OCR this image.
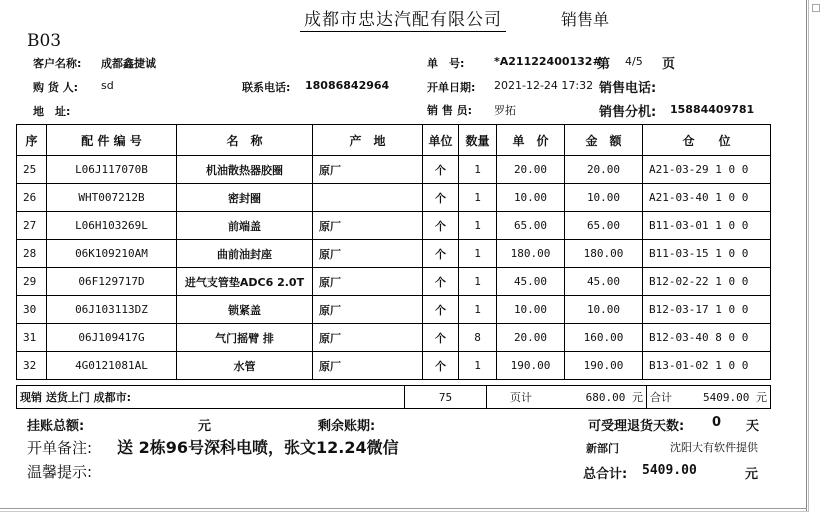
成都市忠达汽配有限公司	销售单
B03
客户名称: 成都鑫捷诚	单　号:	*A21122400132#
第 4/5 页
购 货 人: sd	联系电话: 18086842964	开单日期: 2021-12-24 17:32 销售电话:
地　址:	销 售 员: 罗拓	销售分机: 15884409781
序	配 件 编 号	名　称	产　地	单位	数量	单　价	金　额	仓　　位
25	L06J117070B	机油散热器胶圈	原厂	个	1	20.00	20.00	A21-03-29 1 0 0
26	WHT007212B	密封圈		个	1	10.00	10.00	A21-03-40 1 0 0
27	L06H103269L	前端盖	原厂	个	1	65.00	65.00	B11-03-01 1 0 0
28	06K109210AM	曲前油封座	原厂	个	1	180.00	180.00	B11-03-15 1 0 0
29	06F129717D	进气支管垫ADC6 2.0T	原厂	个	1	45.00	45.00	B12-02-22 1 0 0
30	06J103113DZ	锁紧盖	原厂	个	1	10.00	10.00	B12-03-17 1 0 0
31	06J109417G	气门摇臂 排	原厂	个	8	20.00	160.00	B12-03-40 8 0 0
32	4G0121081AL	水管	原厂	个	1	190.00	190.00	B13-01-02 1 0 0
现销 送货上门 成都市:	75	页计	680.00 元	合计	5409.00 元
挂账总额:	元	剩余账期:	可受理退货天数: 0 天
开单备注: 送 2栋96号深科电喷，张文12.24微信	新部门	沈阳大有软件提供
温馨提示:	总合计: 5409.00	元
